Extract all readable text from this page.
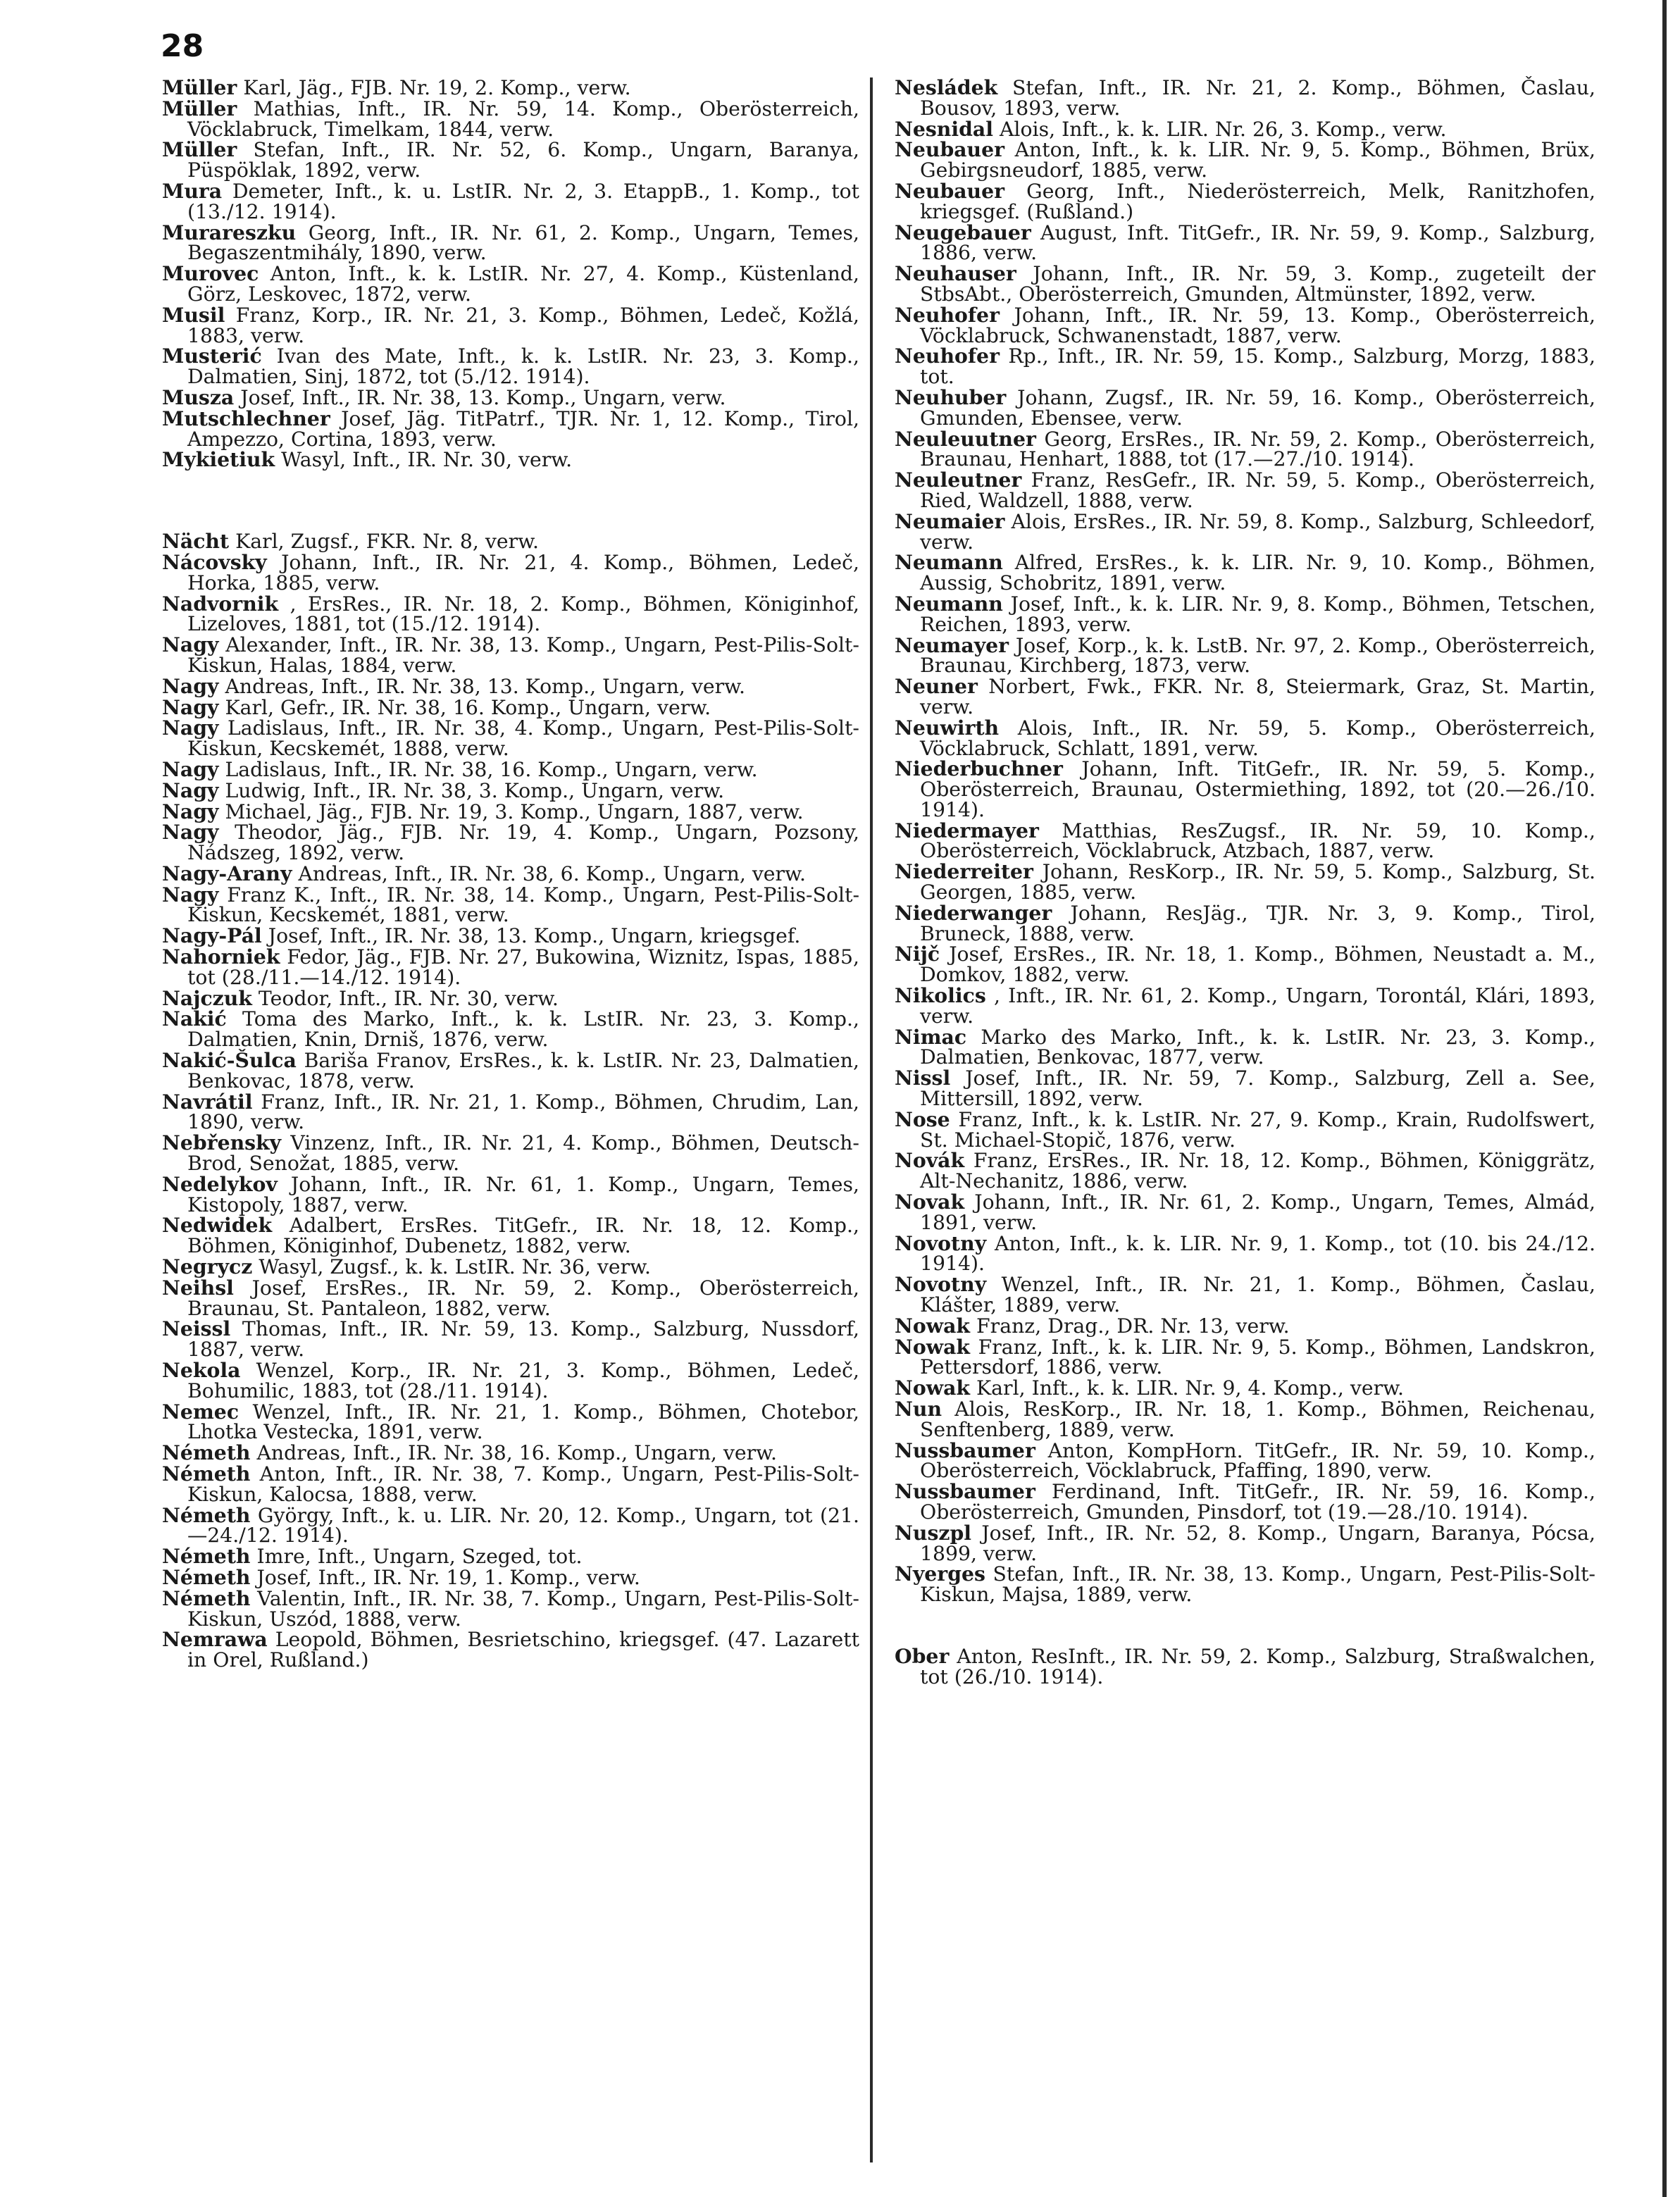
28
Müller Karl, Jäg., FJB. Nr. 19, 2. Komp., verw.
Müller Mathias, Inft., IR. Nr. 59, 14. Komp., Oberösterreich, Vöcklabruck, Timelkam, 1844, verw.
Müller Stefan, Inft., IR. Nr. 52, 6. Komp., Ungarn, Baranya, Püspöklak, 1892, verw.
Mura Demeter, Inft., k. u. LstIR. Nr. 2, 3. EtappB., 1. Komp., tot (13./12. 1914).
Murareszku Georg, Inft., IR. Nr. 61, 2. Komp., Ungarn, Temes, Begaszentmihály, 1890, verw.
Murovec Anton, Inft., k. k. LstIR. Nr. 27, 4. Komp., Küstenland, Görz, Leskovec, 1872, verw.
Musil Franz, Korp., IR. Nr. 21, 3. Komp., Böhmen, Ledeč, Kožlá, 1883, verw.
Musterić Ivan des Mate, Inft., k. k. LstIR. Nr. 23, 3. Komp., Dalmatien, Sinj, 1872, tot (5./12. 1914).
Musza Josef, Inft., IR. Nr. 38, 13. Komp., Ungarn, verw.
Mutschlechner Josef, Jäg. TitPatrf., TJR. Nr. 1, 12. Komp., Tirol, Ampezzo, Cortina, 1893, verw.
Mykietiuk Wasyl, Inft., IR. Nr. 30, verw.
Nächt Karl, Zugsf., FKR. Nr. 8, verw.
Nácovsky Johann, Inft., IR. Nr. 21, 4. Komp., Böhmen, Ledeč, Horka, 1885, verw.
Nadvornik , ErsRes., IR. Nr. 18, 2. Komp., Böhmen, Königinhof, Lizeloves, 1881, tot (15./12. 1914).
Nagy Alexander, Inft., IR. Nr. 38, 13. Komp., Ungarn, Pest-Pilis-Solt-Kiskun, Halas, 1884, verw.
Nagy Andreas, Inft., IR. Nr. 38, 13. Komp., Ungarn, verw.
Nagy Karl, Gefr., IR. Nr. 38, 16. Komp., Ungarn, verw.
Nagy Ladislaus, Inft., IR. Nr. 38, 4. Komp., Ungarn, Pest-Pilis-Solt-Kiskun, Kecskemét, 1888, verw.
Nagy Ladislaus, Inft., IR. Nr. 38, 16. Komp., Ungarn, verw.
Nagy Ludwig, Inft., IR. Nr. 38, 3. Komp., Ungarn, verw.
Nagy Michael, Jäg., FJB. Nr. 19, 3. Komp., Ungarn, 1887, verw.
Nagy Theodor, Jäg., FJB. Nr. 19, 4. Komp., Ungarn, Pozsony, Nádszeg, 1892, verw.
Nagy-Arany Andreas, Inft., IR. Nr. 38, 6. Komp., Ungarn, verw.
Nagy Franz K., Inft., IR. Nr. 38, 14. Komp., Ungarn, Pest-Pilis-Solt-Kiskun, Kecskemét, 1881, verw.
Nagy-Pál Josef, Inft., IR. Nr. 38, 13. Komp., Ungarn, kriegsgef.
Nahorniek Fedor, Jäg., FJB. Nr. 27, Bukowina, Wiznitz, Ispas, 1885, tot (28./11.—14./12. 1914).
Najczuk Teodor, Inft., IR. Nr. 30, verw.
Nakić Toma des Marko, Inft., k. k. LstIR. Nr. 23, 3. Komp., Dalmatien, Knin, Drniš, 1876, verw.
Nakić-Šulca Bariša Franov, ErsRes., k. k. LstIR. Nr. 23, Dalmatien, Benkovac, 1878, verw.
Navrátil Franz, Inft., IR. Nr. 21, 1. Komp., Böhmen, Chrudim, Lan, 1890, verw.
Nebřensky Vinzenz, Inft., IR. Nr. 21, 4. Komp., Böhmen, Deutsch-Brod, Senožat, 1885, verw.
Nedelykov Johann, Inft., IR. Nr. 61, 1. Komp., Ungarn, Temes, Kistopoly, 1887, verw.
Nedwidek Adalbert, ErsRes. TitGefr., IR. Nr. 18, 12. Komp., Böhmen, Königinhof, Dubenetz, 1882, verw.
Negrycz Wasyl, Zugsf., k. k. LstIR. Nr. 36, verw.
Neihsl Josef, ErsRes., IR. Nr. 59, 2. Komp., Oberösterreich, Braunau, St. Pantaleon, 1882, verw.
Neissl Thomas, Inft., IR. Nr. 59, 13. Komp., Salzburg, Nussdorf, 1887, verw.
Nekola Wenzel, Korp., IR. Nr. 21, 3. Komp., Böhmen, Ledeč, Bohumilic, 1883, tot (28./11. 1914).
Nemec Wenzel, Inft., IR. Nr. 21, 1. Komp., Böhmen, Chotebor, Lhotka Vestecka, 1891, verw.
Németh Andreas, Inft., IR. Nr. 38, 16. Komp., Ungarn, verw.
Németh Anton, Inft., IR. Nr. 38, 7. Komp., Ungarn, Pest-Pilis-Solt-Kiskun, Kalocsa, 1888, verw.
Németh György, Inft., k. u. LIR. Nr. 20, 12. Komp., Ungarn, tot (21.—24./12. 1914).
Németh Imre, Inft., Ungarn, Szeged, tot.
Németh Josef, Inft., IR. Nr. 19, 1. Komp., verw.
Németh Valentin, Inft., IR. Nr. 38, 7. Komp., Ungarn, Pest-Pilis-Solt-Kiskun, Uszód, 1888, verw.
Nemrawa Leopold, Böhmen, Besrietschino, kriegsgef. (47. Lazarett in Orel, Rußland.)
Nesládek Stefan, Inft., IR. Nr. 21, 2. Komp., Böhmen, Časlau, Bousov, 1893, verw.
Nesnidal Alois, Inft., k. k. LIR. Nr. 26, 3. Komp., verw.
Neubauer Anton, Inft., k. k. LIR. Nr. 9, 5. Komp., Böhmen, Brüx, Gebirgsneudorf, 1885, verw.
Neubauer Georg, Inft., Niederösterreich, Melk, Ranitzhofen, kriegsgef. (Rußland.)
Neugebauer August, Inft. TitGefr., IR. Nr. 59, 9. Komp., Salzburg, 1886, verw.
Neuhauser Johann, Inft., IR. Nr. 59, 3. Komp., zugeteilt der StbsAbt., Oberösterreich, Gmunden, Altmünster, 1892, verw.
Neuhofer Johann, Inft., IR. Nr. 59, 13. Komp., Oberösterreich, Vöcklabruck, Schwanenstadt, 1887, verw.
Neuhofer Rp., Inft., IR. Nr. 59, 15. Komp., Salzburg, Morzg, 1883, tot.
Neuhuber Johann, Zugsf., IR. Nr. 59, 16. Komp., Oberösterreich, Gmunden, Ebensee, verw.
Neuleuutner Georg, ErsRes., IR. Nr. 59, 2. Komp., Oberösterreich, Braunau, Henhart, 1888, tot (17.—27./10. 1914).
Neuleutner Franz, ResGefr., IR. Nr. 59, 5. Komp., Oberösterreich, Ried, Waldzell, 1888, verw.
Neumaier Alois, ErsRes., IR. Nr. 59, 8. Komp., Salzburg, Schleedorf, verw.
Neumann Alfred, ErsRes., k. k. LIR. Nr. 9, 10. Komp., Böhmen, Aussig, Schobritz, 1891, verw.
Neumann Josef, Inft., k. k. LIR. Nr. 9, 8. Komp., Böhmen, Tetschen, Reichen, 1893, verw.
Neumayer Josef, Korp., k. k. LstB. Nr. 97, 2. Komp., Oberösterreich, Braunau, Kirchberg, 1873, verw.
Neuner Norbert, Fwk., FKR. Nr. 8, Steiermark, Graz, St. Martin, verw.
Neuwirth Alois, Inft., IR. Nr. 59, 5. Komp., Oberösterreich, Vöcklabruck, Schlatt, 1891, verw.
Niederbuchner Johann, Inft. TitGefr., IR. Nr. 59, 5. Komp., Oberösterreich, Braunau, Ostermiething, 1892, tot (20.—26./10. 1914).
Niedermayer Matthias, ResZugsf., IR. Nr. 59, 10. Komp., Oberösterreich, Vöcklabruck, Atzbach, 1887, verw.
Niederreiter Johann, ResKorp., IR. Nr. 59, 5. Komp., Salzburg, St. Georgen, 1885, verw.
Niederwanger Johann, ResJäg., TJR. Nr. 3, 9. Komp., Tirol, Bruneck, 1888, verw.
Nijč Josef, ErsRes., IR. Nr. 18, 1. Komp., Böhmen, Neustadt a. M., Domkov, 1882, verw.
Nikolics , Inft., IR. Nr. 61, 2. Komp., Ungarn, Torontál, Klári, 1893, verw.
Nimac Marko des Marko, Inft., k. k. LstIR. Nr. 23, 3. Komp., Dalmatien, Benkovac, 1877, verw.
Nissl Josef, Inft., IR. Nr. 59, 7. Komp., Salzburg, Zell a. See, Mittersill, 1892, verw.
Nose Franz, Inft., k. k. LstIR. Nr. 27, 9. Komp., Krain, Rudolfswert, St. Michael-Stopič, 1876, verw.
Novák Franz, ErsRes., IR. Nr. 18, 12. Komp., Böhmen, Königgrätz, Alt-Nechanitz, 1886, verw.
Novak Johann, Inft., IR. Nr. 61, 2. Komp., Ungarn, Temes, Almád, 1891, verw.
Novotny Anton, Inft., k. k. LIR. Nr. 9, 1. Komp., tot (10. bis 24./12. 1914).
Novotny Wenzel, Inft., IR. Nr. 21, 1. Komp., Böhmen, Časlau, Klášter, 1889, verw.
Nowak Franz, Drag., DR. Nr. 13, verw.
Nowak Franz, Inft., k. k. LIR. Nr. 9, 5. Komp., Böhmen, Landskron, Pettersdorf, 1886, verw.
Nowak Karl, Inft., k. k. LIR. Nr. 9, 4. Komp., verw.
Nun Alois, ResKorp., IR. Nr. 18, 1. Komp., Böhmen, Reichenau, Senftenberg, 1889, verw.
Nussbaumer Anton, KompHorn. TitGefr., IR. Nr. 59, 10. Komp., Oberösterreich, Vöcklabruck, Pfaffing, 1890, verw.
Nussbaumer Ferdinand, Inft. TitGefr., IR. Nr. 59, 16. Komp., Oberösterreich, Gmunden, Pinsdorf, tot (19.—28./10. 1914).
Nuszpl Josef, Inft., IR. Nr. 52, 8. Komp., Ungarn, Baranya, Pócsa, 1899, verw.
Nyerges Stefan, Inft., IR. Nr. 38, 13. Komp., Ungarn, Pest-Pilis-Solt-Kiskun, Majsa, 1889, verw.
Ober Anton, ResInft., IR. Nr. 59, 2. Komp., Salzburg, Straßwalchen, tot (26./10. 1914).
